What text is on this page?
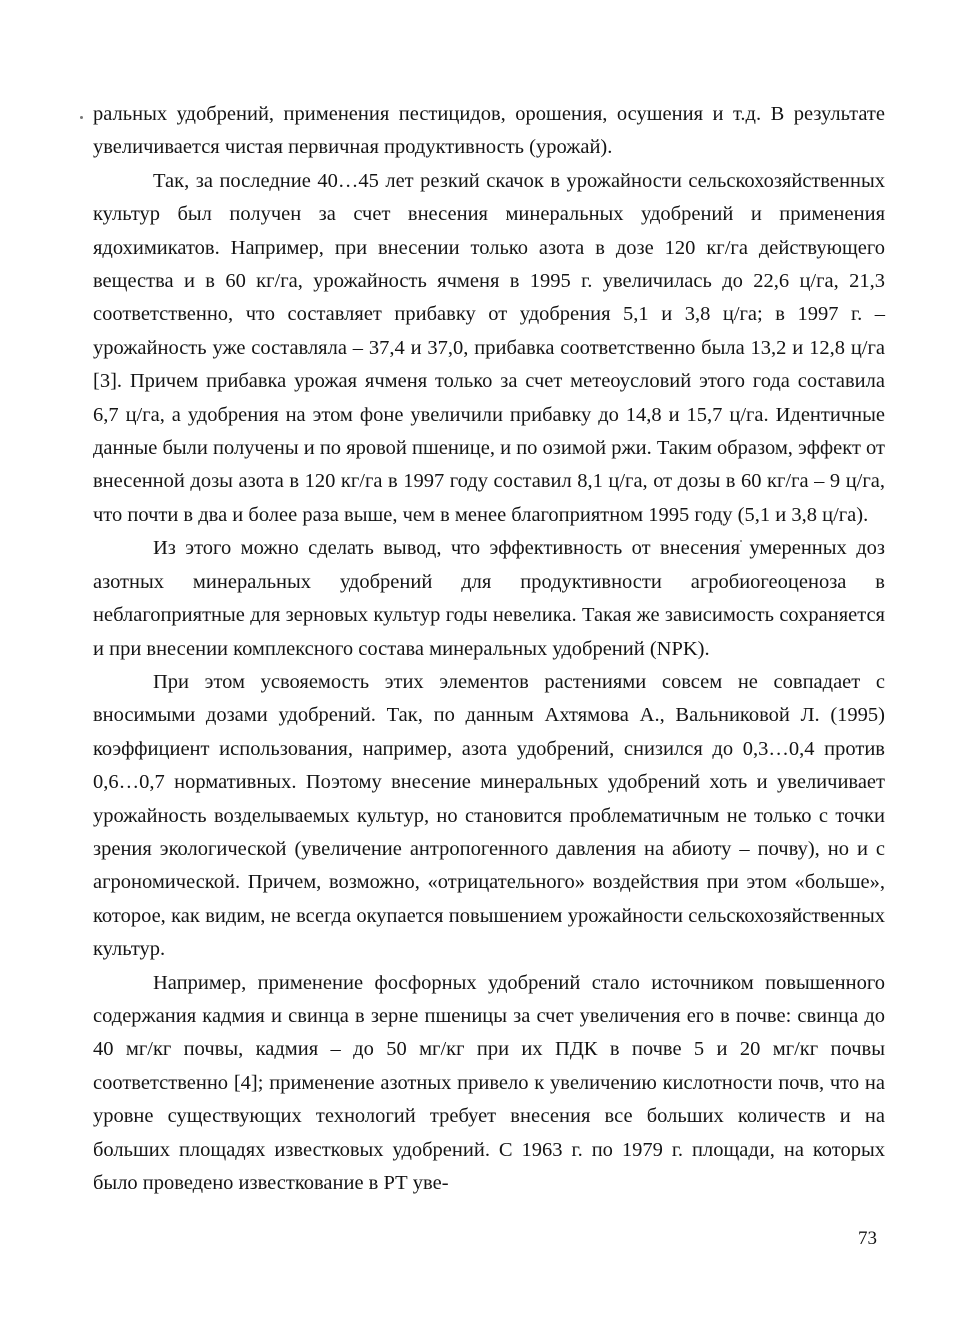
ральных удобрений, применения пестицидов, орошения, осушения и т.д. В результате увеличивается чистая первичная продуктивность (урожай).

Так, за последние 40…45 лет резкий скачок в урожайности сельскохозяйственных культур был получен за счет внесения минеральных удобрений и применения ядохимикатов. Например, при внесении только азота в дозе 120 кг/га действующего вещества и в 60 кг/га, урожайность ячменя в 1995 г. увеличилась до 22,6 ц/га, 21,3 соответственно, что составляет прибавку от удобрения 5,1 и 3,8 ц/га; в 1997 г. – урожайность уже составляла – 37,4 и 37,0, прибавка соответственно была 13,2 и 12,8 ц/га [3]. Причем прибавка урожая ячменя только за счет метеоусловий этого года составила 6,7 ц/га, а удобрения на этом фоне увеличили прибавку до 14,8 и 15,7 ц/га. Идентичные данные были получены и по яровой пшенице, и по озимой ржи. Таким образом, эффект от внесенной дозы азота в 120 кг/га в 1997 году составил 8,1 ц/га, от дозы в 60 кг/га – 9 ц/га, что почти в два и более раза выше, чем в менее благоприятном 1995 году (5,1 и 3,8 ц/га).

Из этого можно сделать вывод, что эффективность от внесения умеренных доз азотных минеральных удобрений для продуктивности агробиогеоценоза в неблагоприятные для зерновых культур годы невелика. Такая же зависимость сохраняется и при внесении комплексного состава минеральных удобрений (NPK).

При этом усвояемость этих элементов растениями совсем не совпадает с вносимыми дозами удобрений. Так, по данным Ахтямова А., Вальниковой Л. (1995) коэффициент использования, например, азота удобрений, снизился до 0,3…0,4 против 0,6…0,7 нормативных. Поэтому внесение минеральных удобрений хоть и увеличивает урожайность возделываемых культур, но становится проблематичным не только с точки зрения экологической (увеличение антропогенного давления на абиоту – почву), но и с агрономической. Причем, возможно, «отрицательного» воздействия при этом «больше», которое, как видим, не всегда окупается повышением урожайности сельскохозяйственных культур.

Например, применение фосфорных удобрений стало источником повышенного содержания кадмия и свинца в зерне пшеницы за счет увеличения его в почве: свинца до 40 мг/кг почвы, кадмия – до 50 мг/кг при их ПДК в почве 5 и 20 мг/кг почвы соответственно [4]; применение азотных привело к увеличению кислотности почв, что на уровне существующих технологий требует внесения все больших количеств и на больших площадях известковых удобрений. С 1963 г. по 1979 г. площади, на которых было проведено известкование в РТ уве-

73
